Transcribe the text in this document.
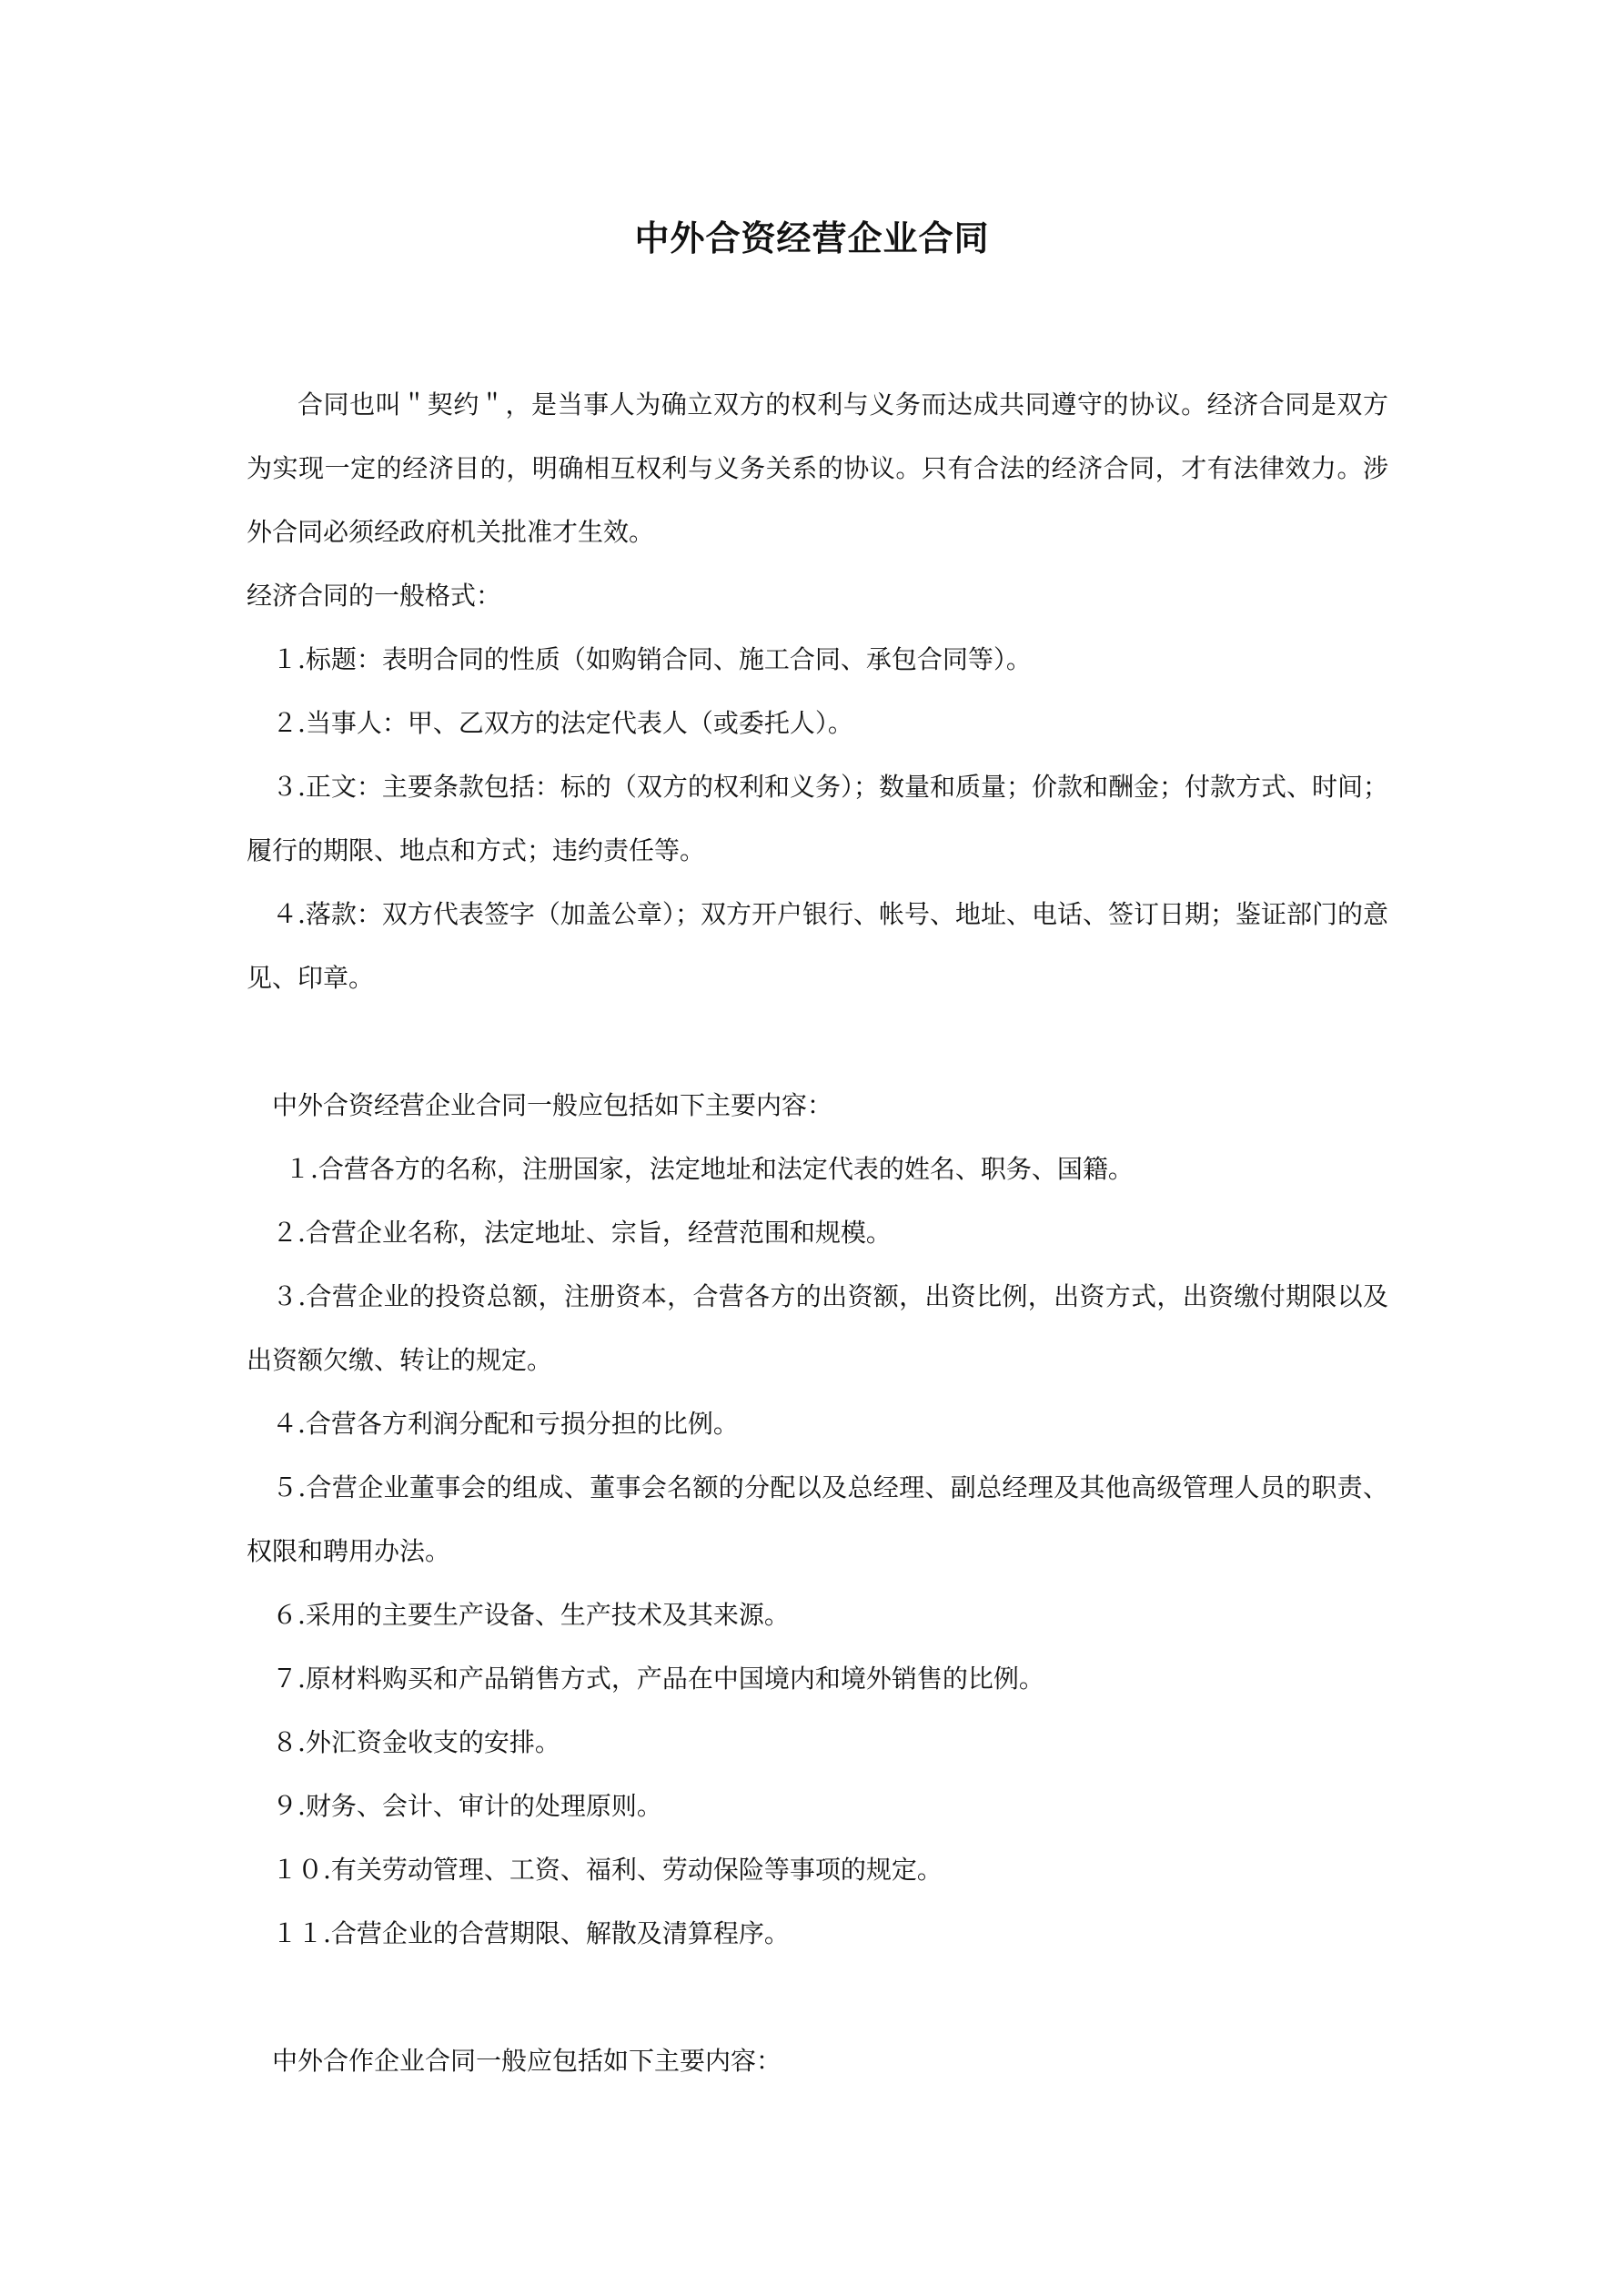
中外合资经营企业合同

合同也叫＂契约＂，是当事人为确立双方的权利与义务而达成共同遵守的协议。经济合同是双方为实现一定的经济目的，明确相互权利与义务关系的协议。只有合法的经济合同，才有法律效力。涉外合同必须经政府机关批准才生效。

经济合同的一般格式：

１.标题：表明合同的性质（如购销合同、施工合同、承包合同等）。

２.当事人：甲、乙双方的法定代表人（或委托人）。

３.正文：主要条款包括：标的（双方的权利和义务）；数量和质量；价款和酬金；付款方式、时间；履行的期限、地点和方式；违约责任等。

４.落款：双方代表签字（加盖公章）；双方开户银行、帐号、地址、电话、签订日期；鉴证部门的意见、印章。

中外合资经营企业合同一般应包括如下主要内容：

１.合营各方的名称，注册国家，法定地址和法定代表的姓名、职务、国籍。

２.合营企业名称，法定地址、宗旨，经营范围和规模。

３.合营企业的投资总额，注册资本，合营各方的出资额，出资比例，出资方式，出资缴付期限以及出资额欠缴、转让的规定。

４.合营各方利润分配和亏损分担的比例。

５.合营企业董事会的组成、董事会名额的分配以及总经理、副总经理及其他高级管理人员的职责、权限和聘用办法。

６.采用的主要生产设备、生产技术及其来源。

７.原材料购买和产品销售方式，产品在中国境内和境外销售的比例。

８.外汇资金收支的安排。

９.财务、会计、审计的处理原则。

１０.有关劳动管理、工资、福利、劳动保险等事项的规定。

１１.合营企业的合营期限、解散及清算程序。

中外合作企业合同一般应包括如下主要内容：
